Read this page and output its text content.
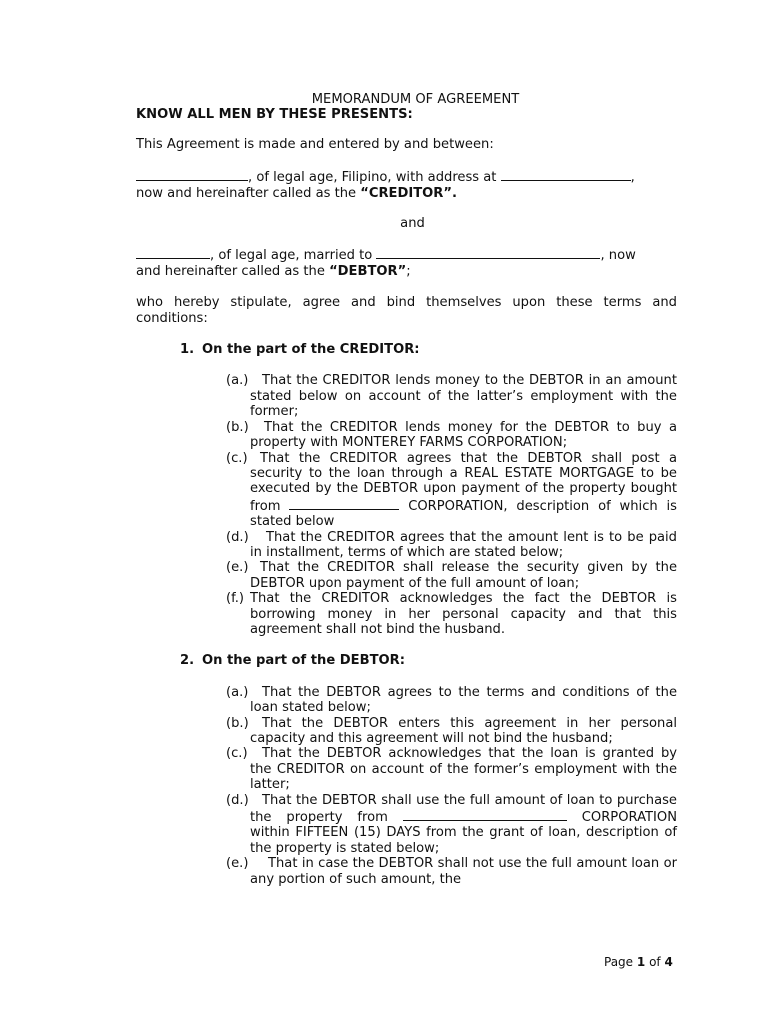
MEMORANDUM OF AGREEMENT

KNOW ALL MEN BY THESE PRESENTS:

This Agreement is made and entered by and between:

, of legal age, Filipino, with address at	,

now and hereinafter called as the “CREDITOR”.

and

, of legal age, married to	, now

and hereinafter called as the “DEBTOR”;

who hereby stipulate, agree and bind themselves upon these terms and conditions:

1. On the part of the CREDITOR:

(a.) That the CREDITOR lends money to the DEBTOR in an amount stated below on account of the latter’s employment with the former;
(b.) That the CREDITOR lends money for the DEBTOR to buy a property with MONTEREY FARMS CORPORATION;
(c.) That the CREDITOR agrees that the DEBTOR shall post a security to the loan through a REAL ESTATE MORTGAGE to be executed by the DEBTOR upon payment of the property bought from	CORPORATION, description of which is stated below
(d.) That the CREDITOR agrees that the amount lent is to be paid in installment, terms of which are stated below;
(e.) That the CREDITOR shall release the security given by the DEBTOR upon payment of the full amount of loan;
(f.) That the CREDITOR acknowledges the fact the DEBTOR is borrowing money in her personal capacity and that this agreement shall not bind the husband.

2. On the part of the DEBTOR:

(a.) That the DEBTOR agrees to the terms and conditions of the loan stated below;
(b.) That the DEBTOR enters this agreement in her personal capacity and this agreement will not bind the husband;
(c.) That the DEBTOR acknowledges that the loan is granted by the CREDITOR on account of the former’s employment with the latter;
(d.) That the DEBTOR shall use the full amount of loan to purchase the property from	CORPORATION within FIFTEEN (15) DAYS from the grant of loan, description of the property is stated below;
(e.) That in case the DEBTOR shall not use the full amount loan or any portion of such amount, the
Page 1 of 4
